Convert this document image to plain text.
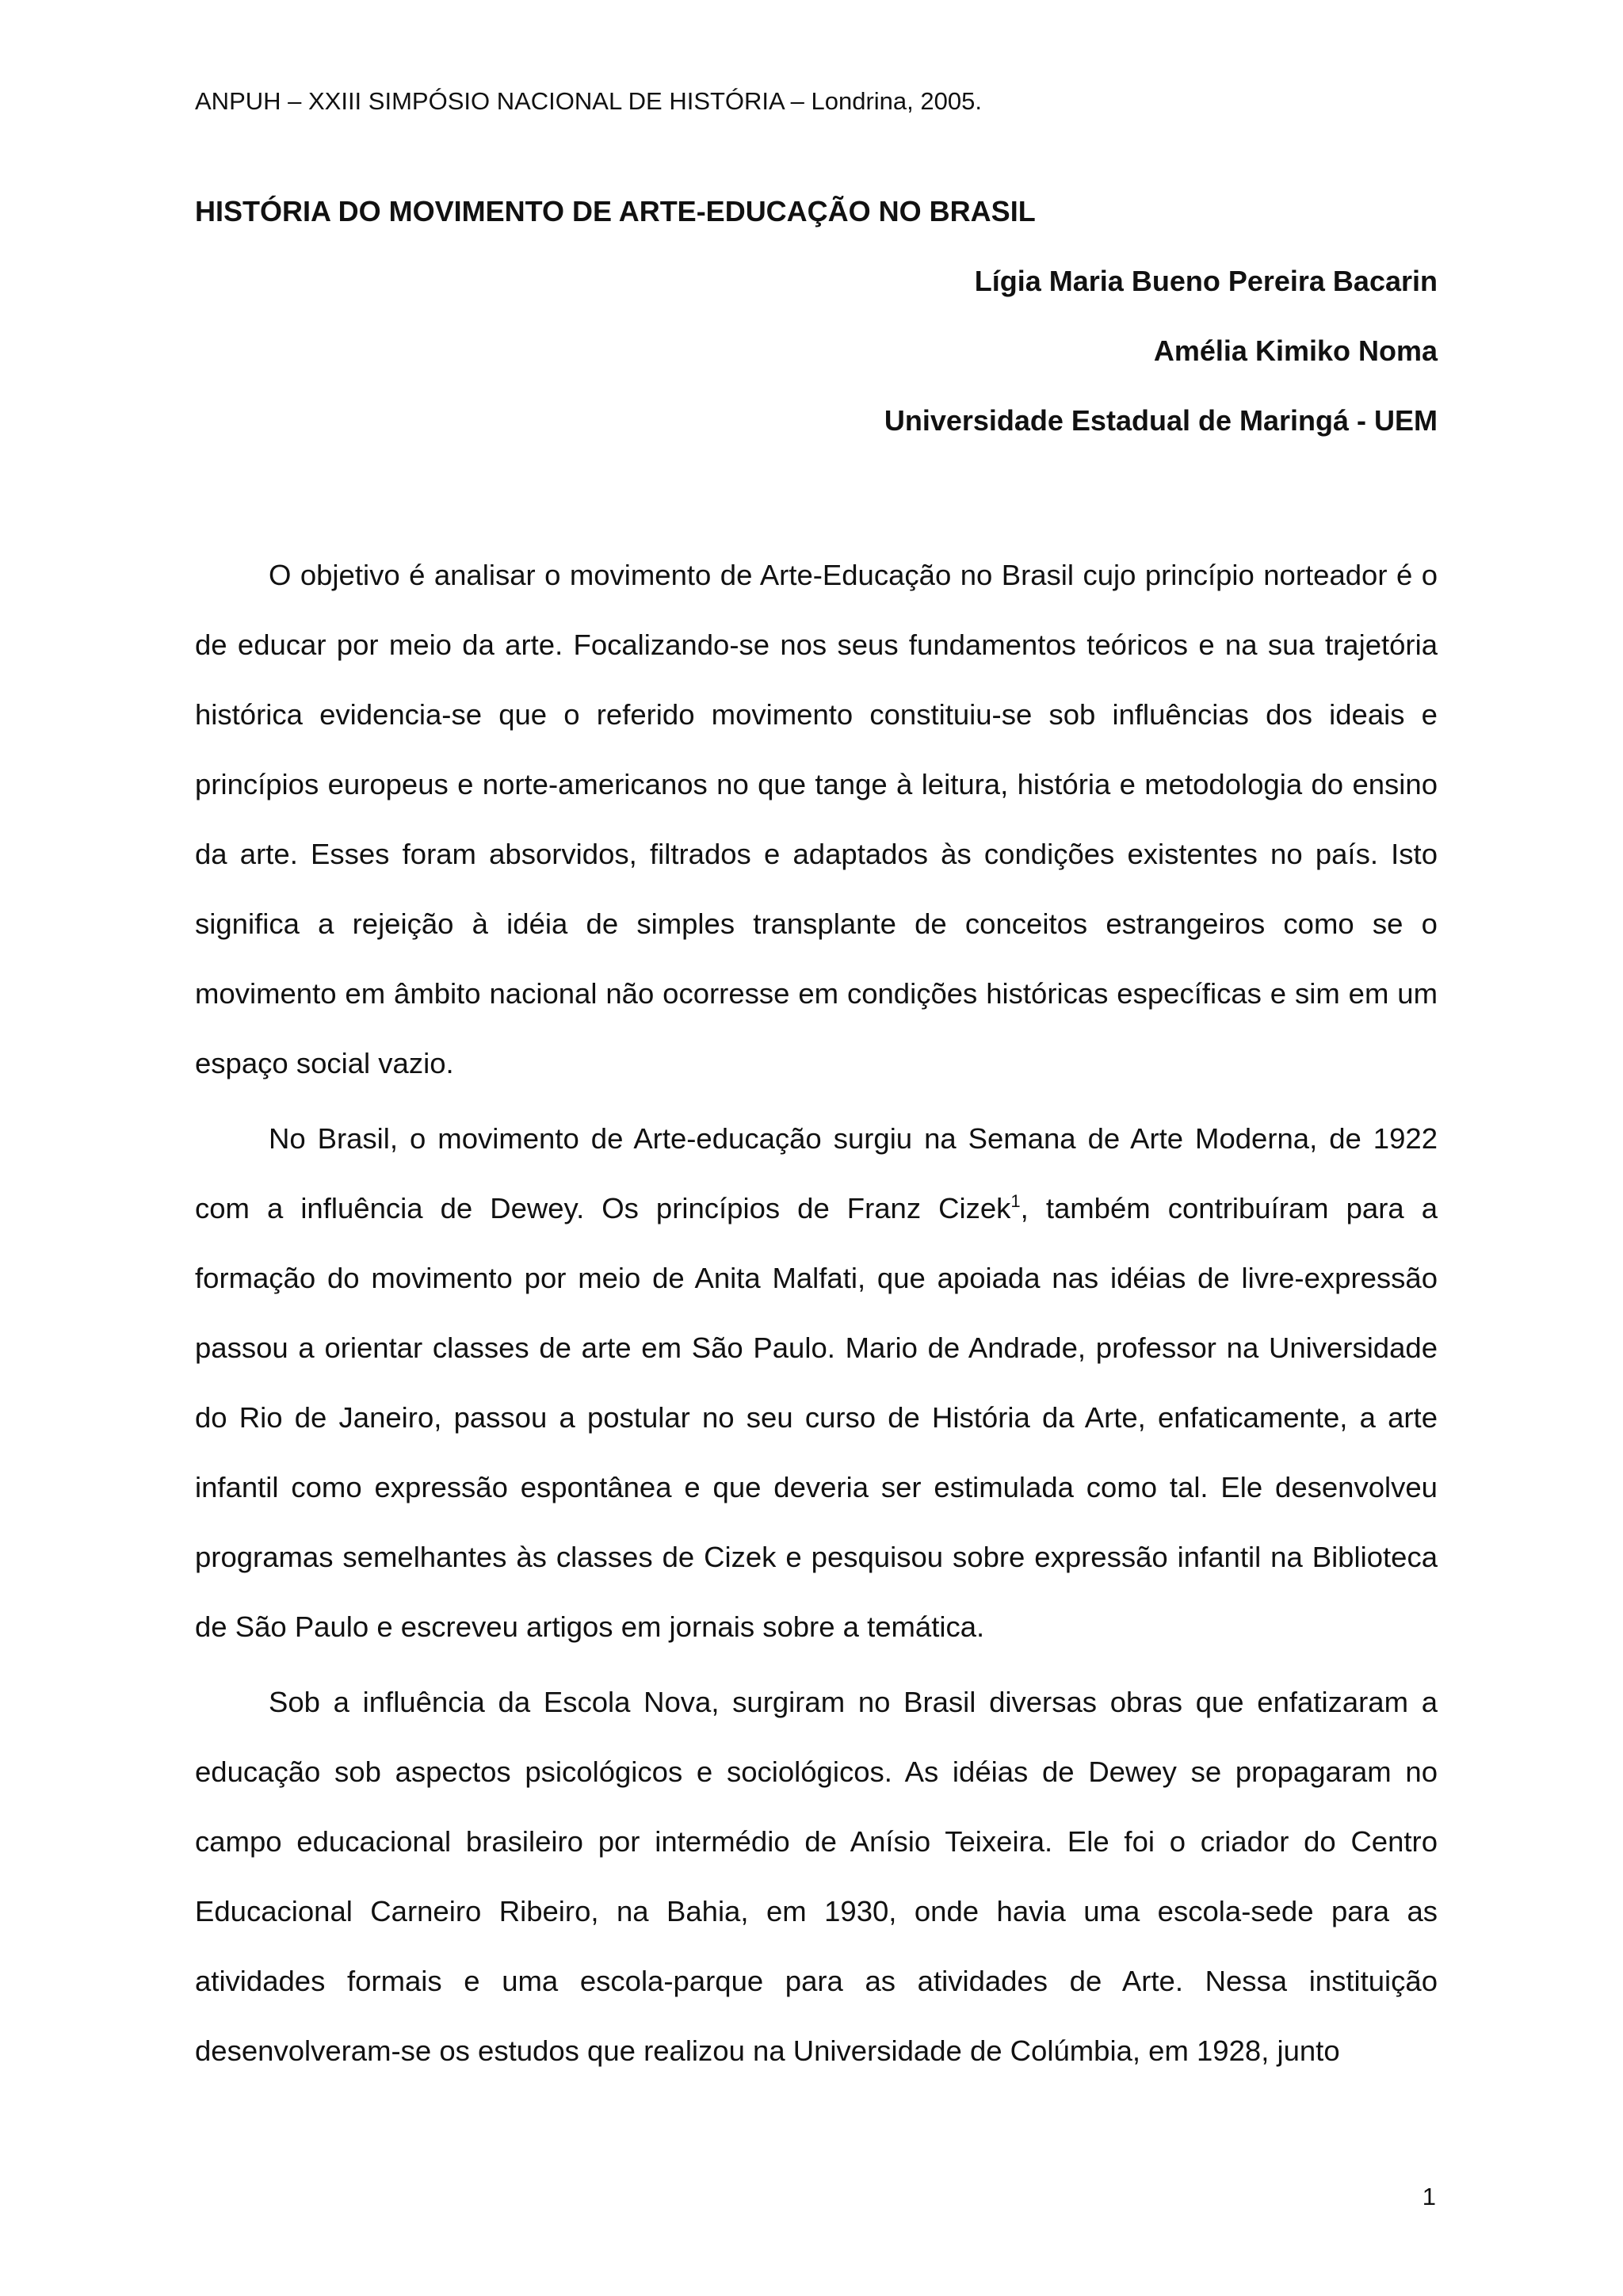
ANPUH – XXIII SIMPÓSIO NACIONAL DE HISTÓRIA – Londrina, 2005.
HISTÓRIA DO MOVIMENTO DE ARTE-EDUCAÇÃO NO BRASIL
Lígia Maria Bueno Pereira Bacarin
Amélia Kimiko Noma
Universidade Estadual de Maringá - UEM

O objetivo é analisar o movimento de Arte-Educação no Brasil cujo princípio norteador é o de educar por meio da arte. Focalizando-se nos seus fundamentos teóricos e na sua trajetória histórica evidencia-se que o referido movimento constituiu-se sob influências dos ideais e princípios europeus e norte-americanos no que tange à leitura, história e metodologia do ensino da arte. Esses foram absorvidos, filtrados e adaptados às condições existentes no país. Isto significa a rejeição à idéia de simples transplante de conceitos estrangeiros como se o movimento em âmbito nacional não ocorresse em condições históricas específicas e sim em um espaço social vazio.

No Brasil, o movimento de Arte-educação surgiu na Semana de Arte Moderna, de 1922 com a influência de Dewey. Os princípios de Franz Cizek$^1$, também contribuíram para a formação do movimento por meio de Anita Malfati, que apoiada nas idéias de livre-expressão passou a orientar classes de arte em São Paulo. Mario de Andrade, professor na Universidade do Rio de Janeiro, passou a postular no seu curso de História da Arte, enfaticamente, a arte infantil como expressão espontânea e que deveria ser estimulada como tal. Ele desenvolveu programas semelhantes às classes de Cizek e pesquisou sobre expressão infantil na Biblioteca de São Paulo e escreveu artigos em jornais sobre a temática.

Sob a influência da Escola Nova, surgiram no Brasil diversas obras que enfatizaram a educação sob aspectos psicológicos e sociológicos. As idéias de Dewey se propagaram no campo educacional brasileiro por intermédio de Anísio Teixeira. Ele foi o criador do Centro Educacional Carneiro Ribeiro, na Bahia, em 1930, onde havia uma escola-sede para as atividades formais e uma escola-parque para as atividades de Arte. Nessa instituição desenvolveram-se os estudos que realizou na Universidade de Colúmbia, em 1928, junto

1
